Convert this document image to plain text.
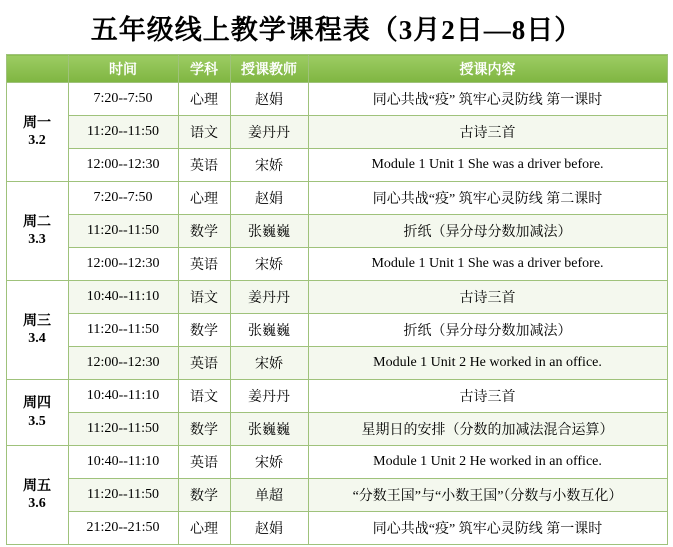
五年级线上教学课程表（3月2日—8日）
	时间	学科	授课教师	授课内容

周一
3.2	7:20--7:50	心理	赵娟	同心共战“疫” 筑牢心灵防线 第一课时
	11:20--11:50	语文	姜丹丹	古诗三首
	12:00--12:30	英语	宋娇	Module 1 Unit 1 She was a driver before.

周二
3.3	7:20--7:50	心理	赵娟	同心共战“疫” 筑牢心灵防线 第二课时
	11:20--11:50	数学	张巍巍	折纸（异分母分数加减法）
	12:00--12:30	英语	宋娇	Module 1 Unit 1 She was a driver before.

周三
3.4	10:40--11:10	语文	姜丹丹	古诗三首
	11:20--11:50	数学	张巍巍	折纸（异分母分数加减法）
	12:00--12:30	英语	宋娇	Module 1 Unit 2 He worked in an office.

周四
3.5	10:40--11:10	语文	姜丹丹	古诗三首
	11:20--11:50	数学	张巍巍	星期日的安排（分数的加减法混合运算）

周五
3.6	10:40--11:10	英语	宋娇	Module 1 Unit 2 He worked in an office.
	11:20--11:50	数学	单超	“分数王国”与“小数王国”（分数与小数互化）
	21:20--21:50	心理	赵娟	同心共战“疫” 筑牢心灵防线 第一课时
